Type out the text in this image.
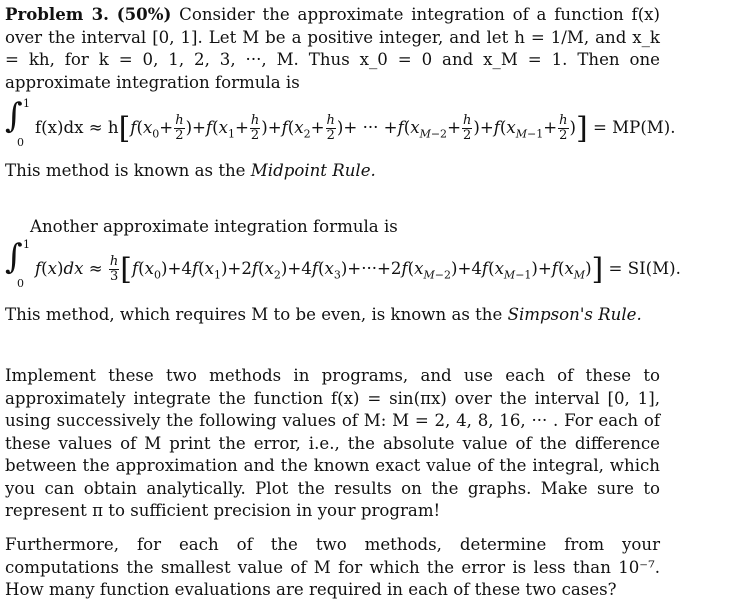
Problem 3. (50%) Consider the approximate integration of a function f(x) over the interval [0, 1]. Let M be a positive integer, and let h = 1/M, and x_k = kh, for k = 0, 1, 2, 3, ···, M. Thus x_0 = 0 and x_M = 1. Then one approximate integration formula is
∫ 1
0
$f(x)dx \approx h[f(x_0+ \frac{h}{2} )+f(x_1+ \frac{h}{2} )+f(x_2+ \frac{h}{2}$ )+ ··· $+f(x_{M-2}+ \frac{h}{2} )+f(x_{M-1}+ \frac{h}{2}$ )] = MP(M).
This method is known as the Midpoint Rule.
Another approximate integration formula is
∫ 1
0
$f(x)dx \approx \frac{h}{3} [f(x_0)+4f(x_1)+2f(x_2)+4f(x_3)+\cdot\cdot\cdot+2f(x_{M-2})+4f(x_{M-1})+f(x_M)] = SI(M)$.
This method, which requires M to be even, is known as the Simpson's Rule.
Implement these two methods in programs, and use each of these to approximately integrate the function f(x) = sin(πx) over the interval [0, 1], using successively the following values of M: M = 2, 4, 8, 16, ··· . For each of these values of M print the error, i.e., the absolute value of the difference between the approximation and the known exact value of the integral, which you can obtain analytically. Plot the results on the graphs. Make sure to represent π to sufficient precision in your program!
Furthermore, for each of the two methods, determine from your computations the smallest value of M for which the error is less than 10⁻⁷. How many function evaluations are required in each of these two cases?
